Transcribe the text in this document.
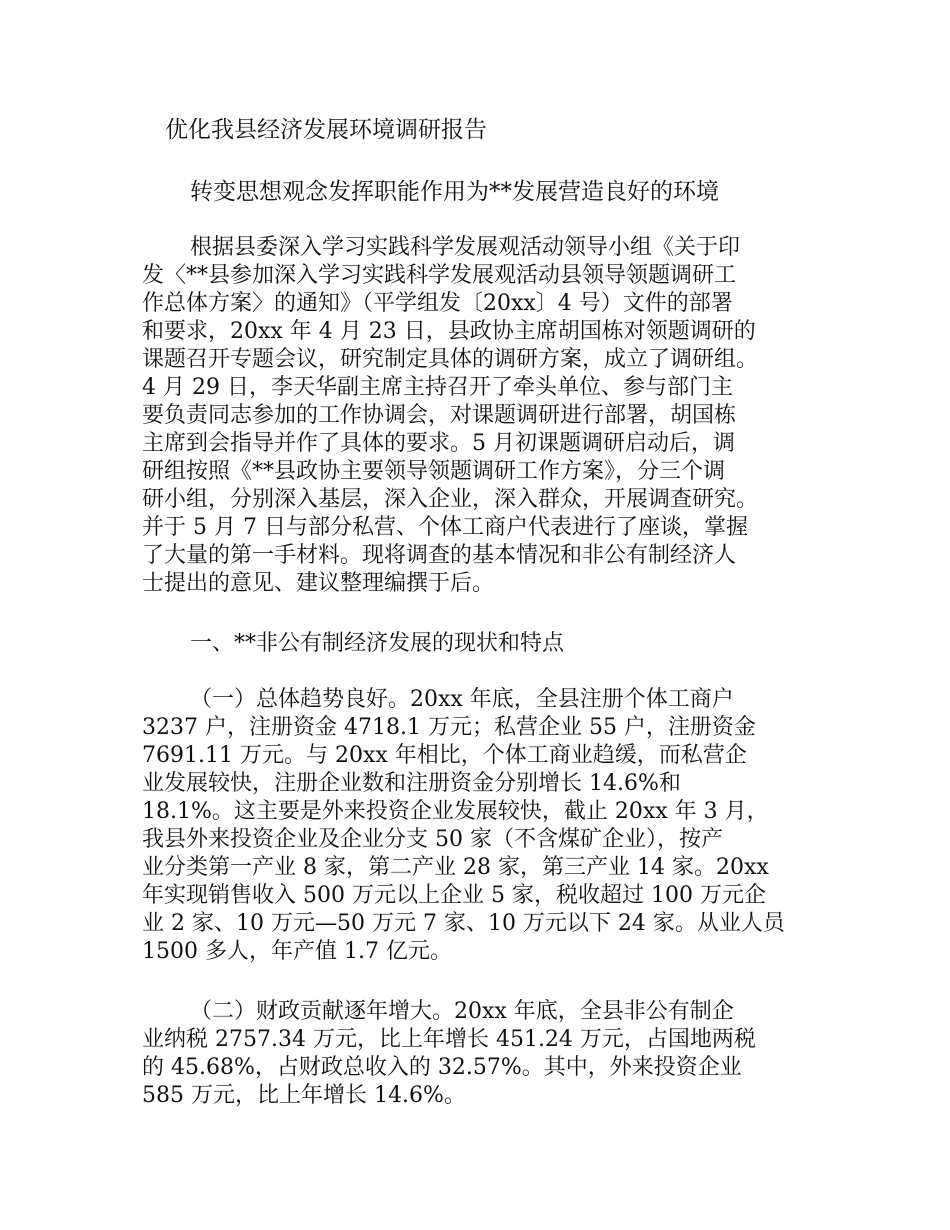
优化我县经济发展环境调研报告
转变思想观念发挥职能作用为**发展营造良好的环境
根据县委深入学习实践科学发展观活动领导小组《关于印
发〈**县参加深入学习实践科学发展观活动县领导领题调研工
作总体方案〉的通知》（平学组发〔20xx〕4 号）文件的部署
和要求，20xx 年 4 月 23 日，县政协主席胡国栋对领题调研的
课题召开专题会议，研究制定具体的调研方案，成立了调研组。
4 月 29 日，李天华副主席主持召开了牵头单位、参与部门主
要负责同志参加的工作协调会，对课题调研进行部署，胡国栋
主席到会指导并作了具体的要求。5 月初课题调研启动后，调
研组按照《**县政协主要领导领题调研工作方案》，分三个调
研小组，分别深入基层，深入企业，深入群众，开展调查研究。
并于 5 月 7 日与部分私营、个体工商户代表进行了座谈，掌握
了大量的第一手材料。现将调查的基本情况和非公有制经济人
士提出的意见、建议整理编撰于后。
一、**非公有制经济发展的现状和特点
（一）总体趋势良好。20xx 年底，全县注册个体工商户
3237 户，注册资金 4718.1 万元；私营企业 55 户，注册资金
7691.11 万元。与 20xx 年相比，个体工商业趋缓，而私营企
业发展较快，注册企业数和注册资金分别增长 14.6%和
18.1%。这主要是外来投资企业发展较快，截止 20xx 年 3 月，
我县外来投资企业及企业分支 50 家（不含煤矿企业），按产
业分类第一产业 8 家，第二产业 28 家，第三产业 14 家。20xx
年实现销售收入 500 万元以上企业 5 家，税收超过 100 万元企
业 2 家、10 万元—50 万元 7 家、10 万元以下 24 家。从业人员
1500 多人，年产值 1.7 亿元。
（二）财政贡献逐年增大。20xx 年底，全县非公有制企
业纳税 2757.34 万元，比上年增长 451.24 万元，占国地两税
的 45.68%，占财政总收入的 32.57%。其中，外来投资企业
585 万元，比上年增长 14.6%。
